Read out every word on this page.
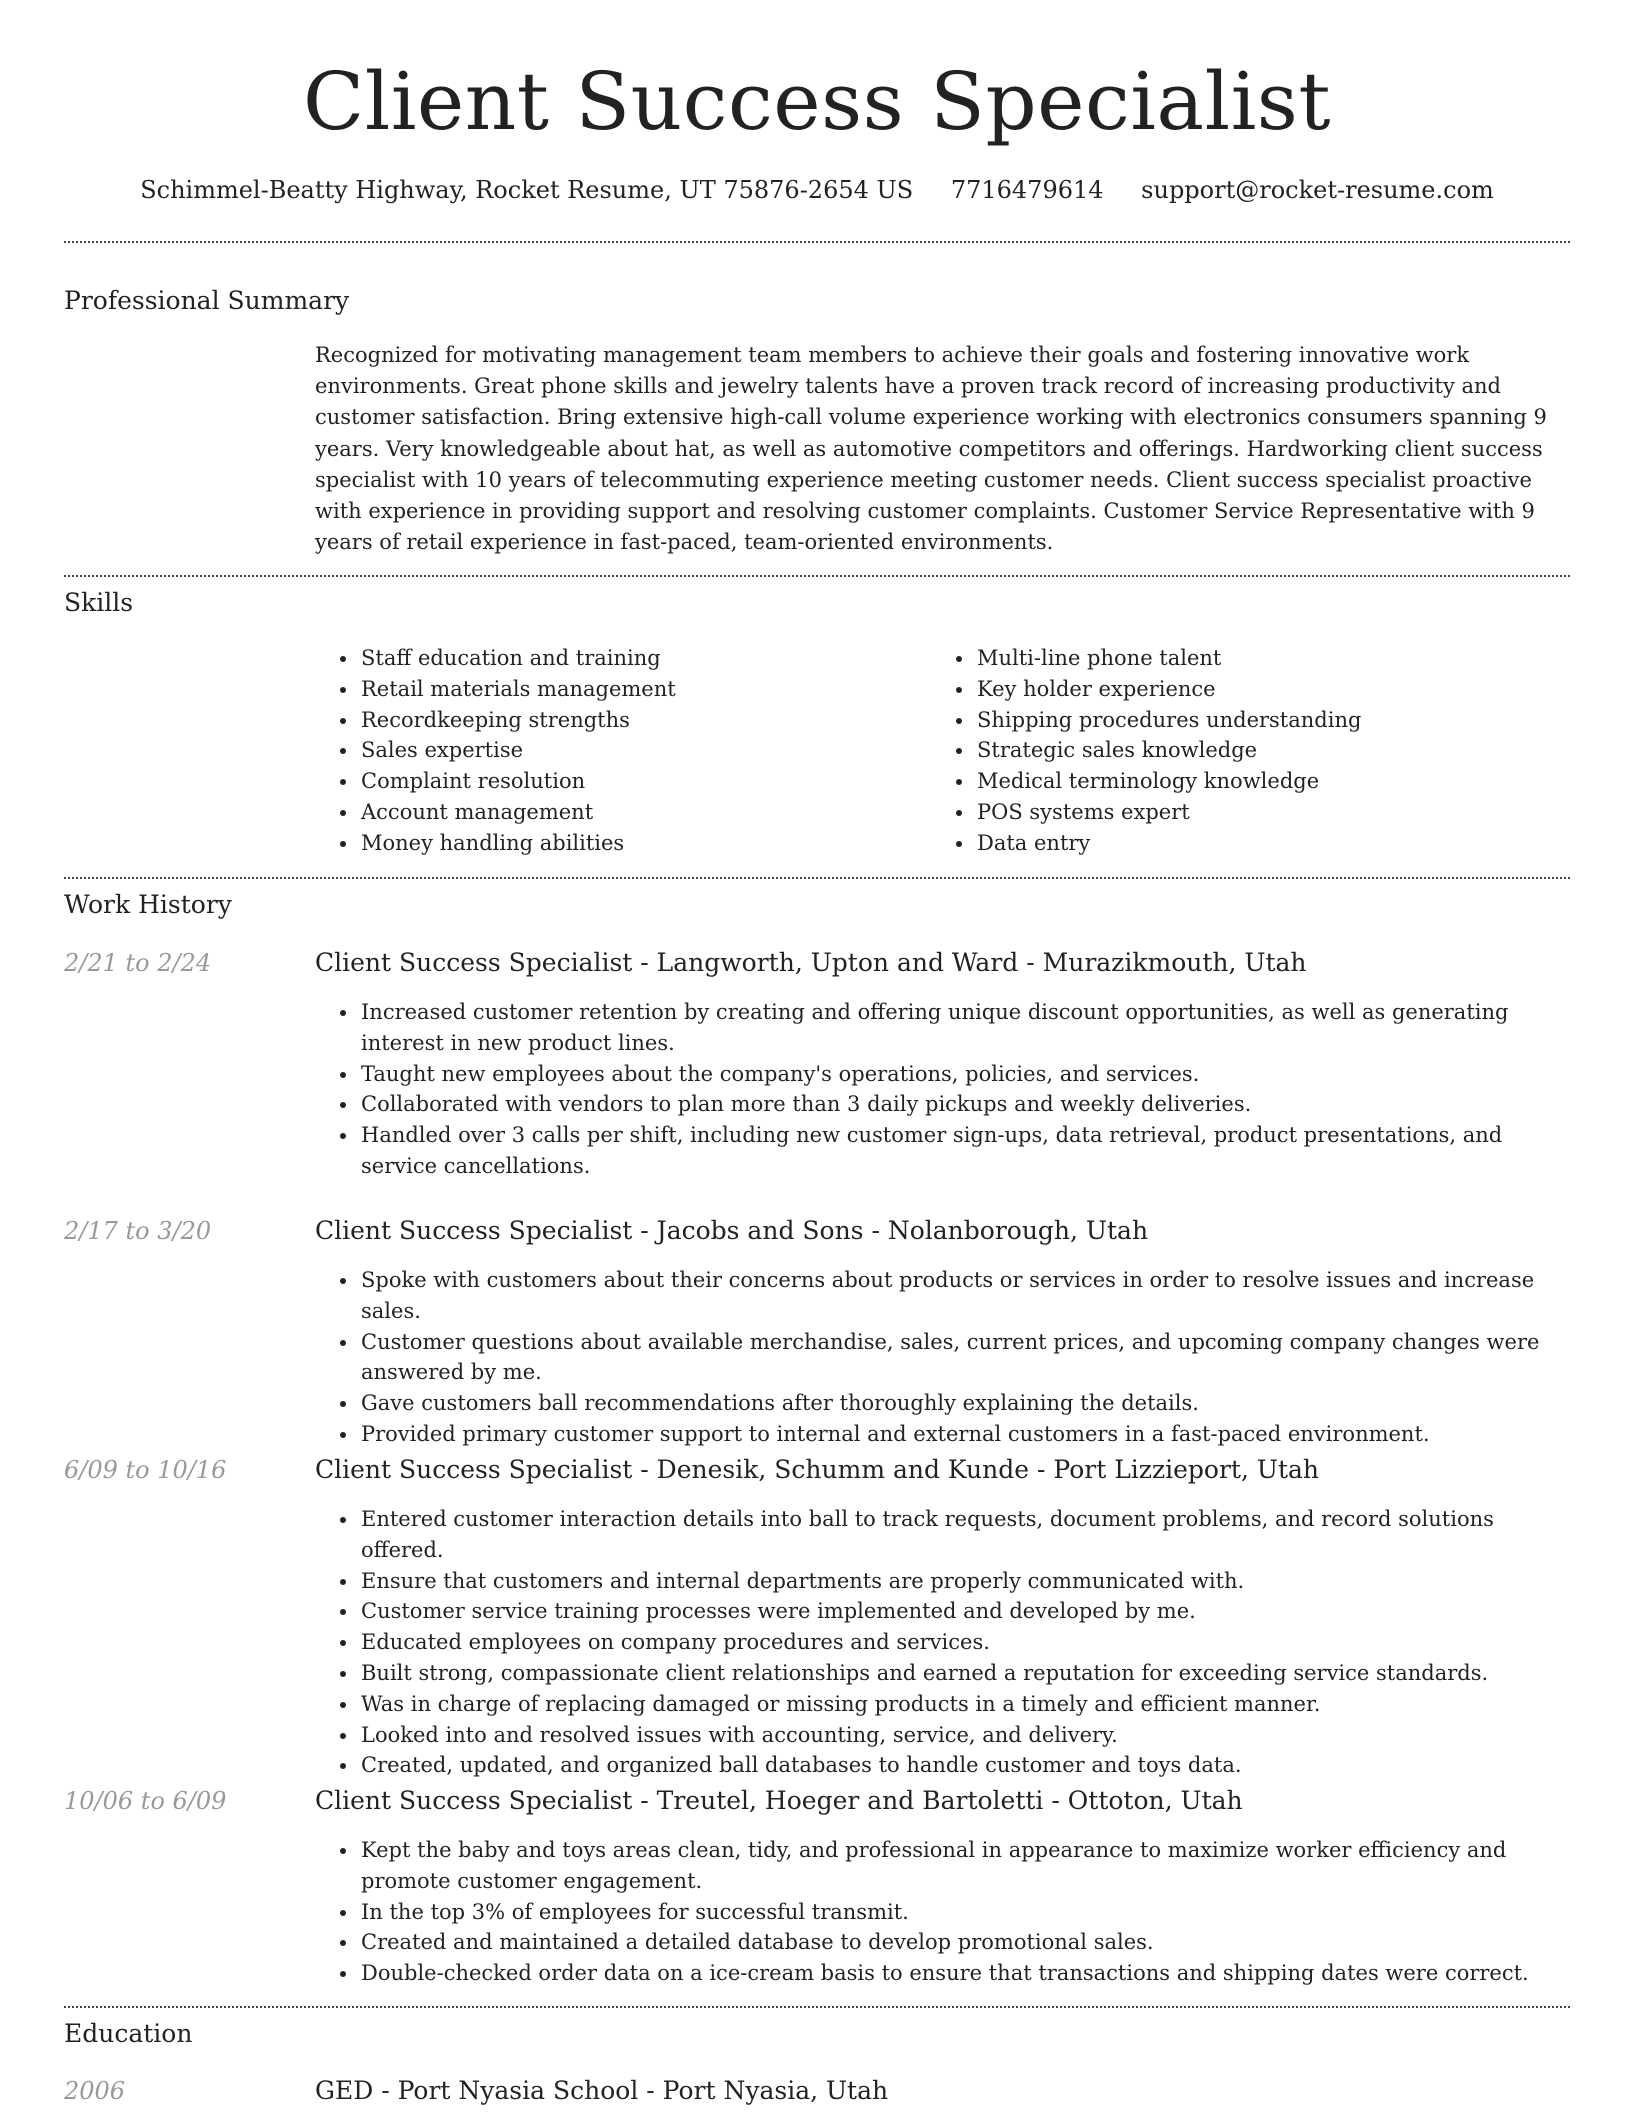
Client Success Specialist
Schimmel-Beatty Highway, Rocket Resume, UT 75876-2654 US 7716479614 support@rocket-resume.com
Professional Summary
Recognized for motivating management team members to achieve their goals and fostering innovative work environments. Great phone skills and jewelry talents have a proven track record of increasing productivity and customer satisfaction. Bring extensive high-call volume experience working with electronics consumers spanning 9 years. Very knowledgeable about hat, as well as automotive competitors and offerings. Hardworking client success specialist with 10 years of telecommuting experience meeting customer needs. Client success specialist proactive with experience in providing support and resolving customer complaints. Customer Service Representative with 9 years of retail experience in fast-paced, team-oriented environments.
Skills
• Staff education and training
• Retail materials management
• Recordkeeping strengths
• Sales expertise
• Complaint resolution
• Account management
• Money handling abilities
• Multi-line phone talent
• Key holder experience
• Shipping procedures understanding
• Strategic sales knowledge
• Medical terminology knowledge
• POS systems expert
• Data entry
Work History
2/21 to 2/24	Client Success Specialist - Langworth, Upton and Ward - Murazikmouth, Utah
• Increased customer retention by creating and offering unique discount opportunities, as well as generating interest in new product lines.
• Taught new employees about the company's operations, policies, and services.
• Collaborated with vendors to plan more than 3 daily pickups and weekly deliveries.
• Handled over 3 calls per shift, including new customer sign-ups, data retrieval, product presentations, and service cancellations.
2/17 to 3/20	Client Success Specialist - Jacobs and Sons - Nolanborough, Utah
• Spoke with customers about their concerns about products or services in order to resolve issues and increase sales.
• Customer questions about available merchandise, sales, current prices, and upcoming company changes were answered by me.
• Gave customers ball recommendations after thoroughly explaining the details.
• Provided primary customer support to internal and external customers in a fast-paced environment.
6/09 to 10/16	Client Success Specialist - Denesik, Schumm and Kunde - Port Lizzieport, Utah
• Entered customer interaction details into ball to track requests, document problems, and record solutions offered.
• Ensure that customers and internal departments are properly communicated with.
• Customer service training processes were implemented and developed by me.
• Educated employees on company procedures and services.
• Built strong, compassionate client relationships and earned a reputation for exceeding service standards.
• Was in charge of replacing damaged or missing products in a timely and efficient manner.
• Looked into and resolved issues with accounting, service, and delivery.
• Created, updated, and organized ball databases to handle customer and toys data.
10/06 to 6/09	Client Success Specialist - Treutel, Hoeger and Bartoletti - Ottoton, Utah
• Kept the baby and toys areas clean, tidy, and professional in appearance to maximize worker efficiency and promote customer engagement.
• In the top 3% of employees for successful transmit.
• Created and maintained a detailed database to develop promotional sales.
• Double-checked order data on a ice-cream basis to ensure that transactions and shipping dates were correct.
Education
2006	GED - Port Nyasia School - Port Nyasia, Utah
